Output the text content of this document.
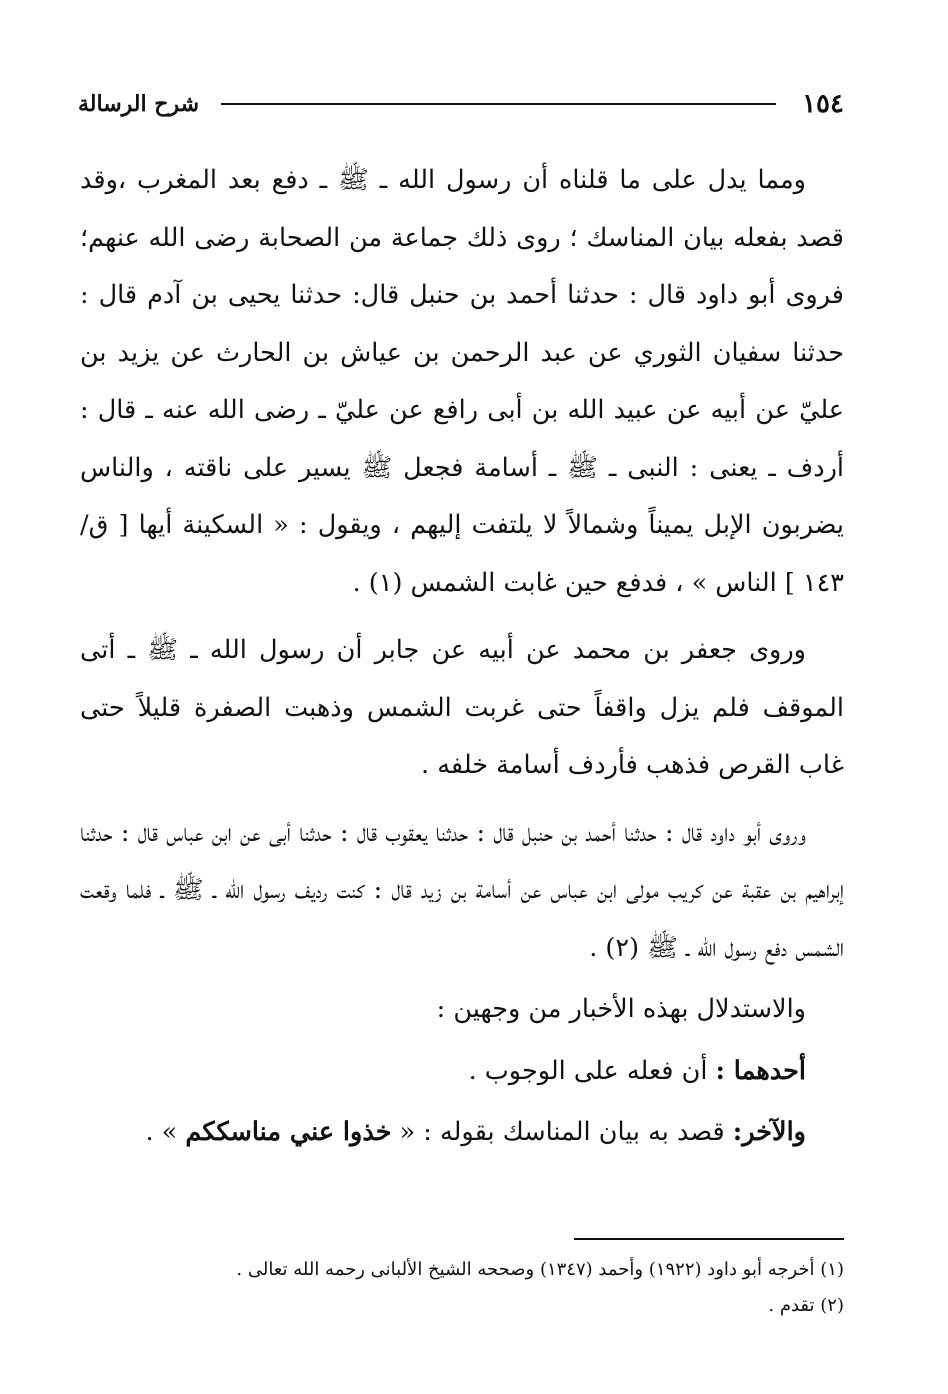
١٥٤
شرح الرسالة

ومما يدل على ما قلناه أن رسول الله ـ ﷺ ـ دفع بعد المغرب ،وقد قصد بفعله بيان المناسك ؛ روى ذلك جماعة من الصحابة رضى الله عنهم؛ فروى أبو داود قال : حدثنا أحمد بن حنبل قال: حدثنا يحيى بن آدم قال : حدثنا سفيان الثوري عن عبد الرحمن بن عياش بن الحارث عن يزيد بن عليّ عن أبيه عن عبيد الله بن أبى رافع عن عليّ ـ رضى الله عنه ـ قال : أردف ـ يعنى : النبى ـ ﷺ ـ أسامة فجعل ﷺ يسير على ناقته ، والناس يضربون الإبل يميناً وشمالاً لا يلتفت إليهم ، ويقول : « السكينة أيها [ ق/ ١٤٣ ] الناس » ، فدفع حين غابت الشمس (١) .

وروى جعفر بن محمد عن أبيه عن جابر أن رسول الله ـ ﷺ ـ أتى الموقف فلم يزل واقفاً حتى غربت الشمس وذهبت الصفرة قليلاً حتى غاب القرص فذهب فأردف أسامة خلفه .

وروى أبو داود قال : حدثنا أحمد بن حنبل قال : حدثنا يعقوب قال : حدثنا أبى عن ابن عباس قال : حدثنا إبراهيم بن عقبة عن كريب مولى ابن عباس عن أسامة بن زيد قال : كنت رديف رسول الله ـ ﷺ ـ فلما وقعت الشمس دفع رسول الله ـ ﷺ (٢) .

والاستدلال بهذه الأخبار من وجهين :

أحدهما : أن فعله على الوجوب .

والآخر: قصد به بيان المناسك بقوله : « خذوا عني مناسككم » .

(١) أخرجه أبو داود (١٩٢٢) وأحمد (١٣٤٧) وصححه الشيخ الألبانى رحمه الله تعالى .

(٢) تقدم .
